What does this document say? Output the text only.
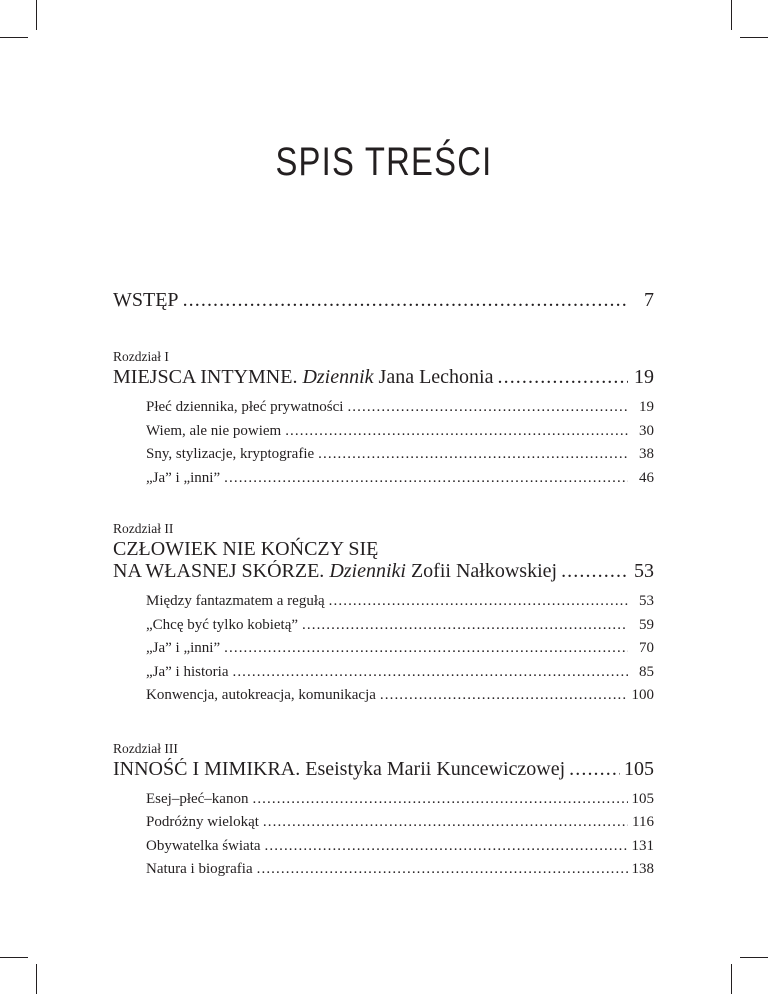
SPIS TREŚCI
WSTĘP .....	7
Rozdział I
MIEJSCA INTYMNE. Dziennik Jana Lechonia .....	19
Płeć dziennika, płeć prywatności .....	19
Wiem, ale nie powiem .....	30
Sny, stylizacje, kryptografie .....	38
„Ja” i „inni” .....	46
Rozdział II
CZŁOWIEK NIE KOŃCZY SIĘ
NA WŁASNEJ SKÓRZE. Dzienniki Zofii Nałkowskiej .....	53
Między fantazmatem a regułą .....	53
„Chcę być tylko kobietą” .....	59
„Ja” i „inni” .....	70
„Ja” i historia .....	85
Konwencja, autokreacja, komunikacja .....	100
Rozdział III
INNOŚĆ I MIMIKRA. Eseistyka Marii Kuncewiczowej .....	105
Esej–płeć–kanon .....	105
Podróżny wielokąt .....	116
Obywatelka świata .....	131
Natura i biografia .....	138
